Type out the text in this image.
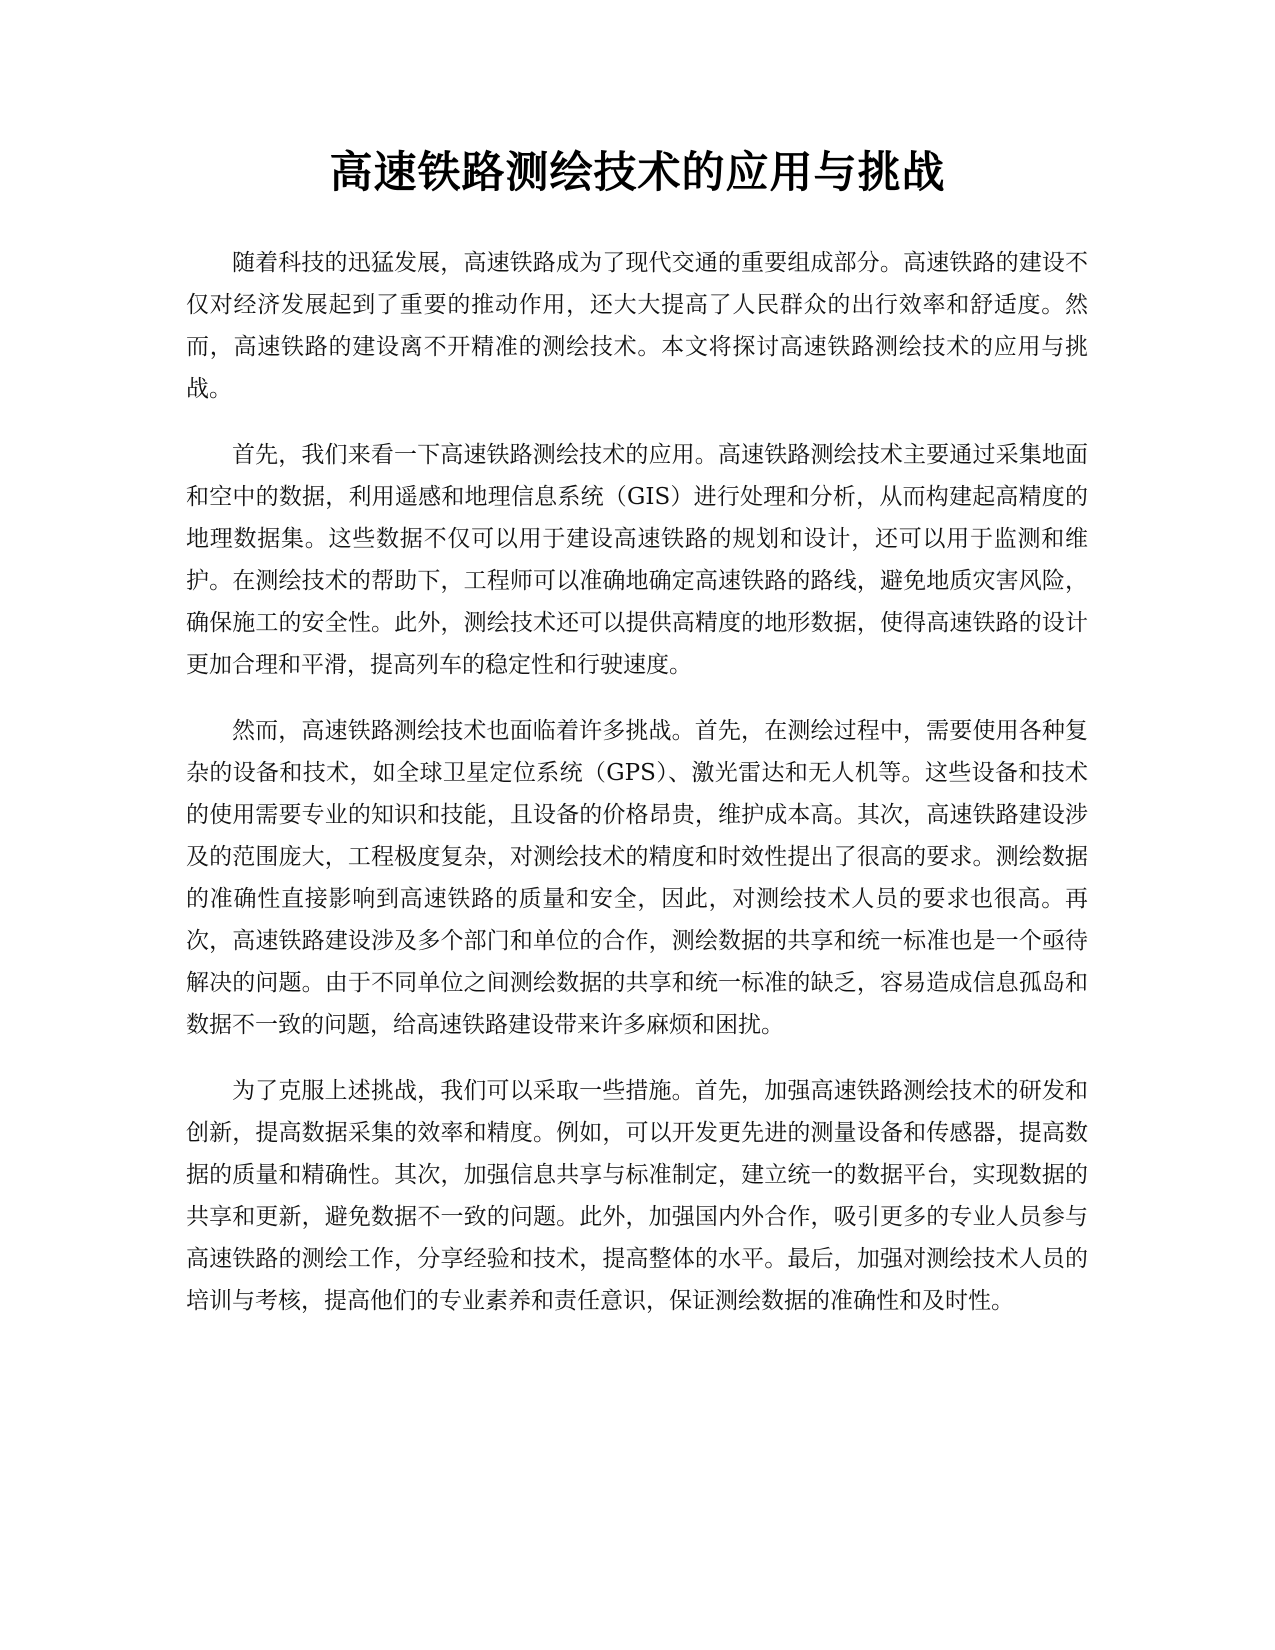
高速铁路测绘技术的应用与挑战

随着科技的迅猛发展，高速铁路成为了现代交通的重要组成部分。高速铁路的建设不仅对经济发展起到了重要的推动作用，还大大提高了人民群众的出行效率和舒适度。然而，高速铁路的建设离不开精准的测绘技术。本文将探讨高速铁路测绘技术的应用与挑战。

首先，我们来看一下高速铁路测绘技术的应用。高速铁路测绘技术主要通过采集地面和空中的数据，利用遥感和地理信息系统（GIS）进行处理和分析，从而构建起高精度的地理数据集。这些数据不仅可以用于建设高速铁路的规划和设计，还可以用于监测和维护。在测绘技术的帮助下，工程师可以准确地确定高速铁路的路线，避免地质灾害风险，确保施工的安全性。此外，测绘技术还可以提供高精度的地形数据，使得高速铁路的设计更加合理和平滑，提高列车的稳定性和行驶速度。

然而，高速铁路测绘技术也面临着许多挑战。首先，在测绘过程中，需要使用各种复杂的设备和技术，如全球卫星定位系统（GPS）、激光雷达和无人机等。这些设备和技术的使用需要专业的知识和技能，且设备的价格昂贵，维护成本高。其次，高速铁路建设涉及的范围庞大，工程极度复杂，对测绘技术的精度和时效性提出了很高的要求。测绘数据的准确性直接影响到高速铁路的质量和安全，因此，对测绘技术人员的要求也很高。再次，高速铁路建设涉及多个部门和单位的合作，测绘数据的共享和统一标准也是一个亟待解决的问题。由于不同单位之间测绘数据的共享和统一标准的缺乏，容易造成信息孤岛和数据不一致的问题，给高速铁路建设带来许多麻烦和困扰。

为了克服上述挑战，我们可以采取一些措施。首先，加强高速铁路测绘技术的研发和创新，提高数据采集的效率和精度。例如，可以开发更先进的测量设备和传感器，提高数据的质量和精确性。其次，加强信息共享与标准制定，建立统一的数据平台，实现数据的共享和更新，避免数据不一致的问题。此外，加强国内外合作，吸引更多的专业人员参与高速铁路的测绘工作，分享经验和技术，提高整体的水平。最后，加强对测绘技术人员的培训与考核，提高他们的专业素养和责任意识，保证测绘数据的准确性和及时性。
